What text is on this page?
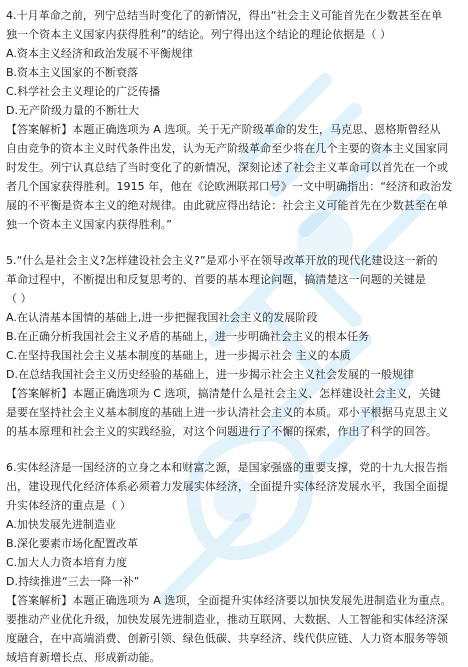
4.十月革命之前，列宁总结当时变化了的新情况，得出“社会主义可能首先在少数甚至在单
独一个资本主义国家内获得胜利”的结论。列宁得出这个结论的理论依据是（ ）
A.资本主义经济和政治发展不平衡规律
B.资本主义国家的不断衰落
C.科学社会主义理论的广泛传播
D.无产阶级力量的不断壮大
【答案解析】本题正确选项为 A 选项。关于无产阶级革命的发生，马克思、恩格斯曾经从
自由竞争的资本主义时代条件出发，认为无产阶级革命至少将在几个主要的资本主义国家同
时发生。列宁认真总结了当时变化了的新情况，深刻论述了社会主义革命可以首先在一个或
者几个国家获得胜利。1915 年，他在《论欧洲联邦口号》一文中明确指出：“经济和政治发
展的不平衡是资本主义的绝对规律。由此就应得出结论：社会主义可能首先在少数甚至在单
独一个资本主义国家内获得胜利。”
5.“什么是社会主义?怎样建设社会主义?”是邓小平在领导改革开放的现代化建设这一新的
革命过程中，不断提出和反复思考的、首要的基本理论问题，搞清楚这一问题的关键是
（ ）
A.在认清基本国情的基础上,进一步把握我国社会主义的发展阶段
B.在正确分析我国社会主义矛盾的基础上，进一步明确社会主义的根本任务
C.在坚持我国社会主义基本制度的基础上，进一步揭示社会 主义的本质
D.在总结我国社会主义历史经验的基础上，进一步揭示社会主义社会发展的一般规律
【答案解析】本题正确选项为 C 选项，搞清楚什么是社会主义、怎样建设社会主义，关键
是要在坚持社会主义基本制度的基础上进一步认清社会主义的本质。邓小平根据马克思主义
的基本原理和社会主义的实践经验，对这个问题进行了不懈的探索，作出了科学的回答。
6.实体经济是一国经济的立身之本和财富之源，是国家强盛的重要支撑，党的十九大报告指
出，建设现代化经济体系必须着力发展实体经济，全面提升实体经济发展水平，我国全面提
升实体经济的重点是（ ）
A.加快发展先进制造业
B.深化要素市场化配置改革
C.加大人力资本培育力度
D.持续推进“三去一降一补”
【答案解析】本题正确选项为 A 选项，全面提升实体经济要以加快发展先进制造业为重点。
要推动产业优化升级，加快发展先进制造业，推动互联网、大数据、人工智能和实体经济深
度融合，在中高端消费、创新引领、绿色低碳、共享经济、线代供应链、人力资本服务等领
域培育新增长点、形成新动能。
